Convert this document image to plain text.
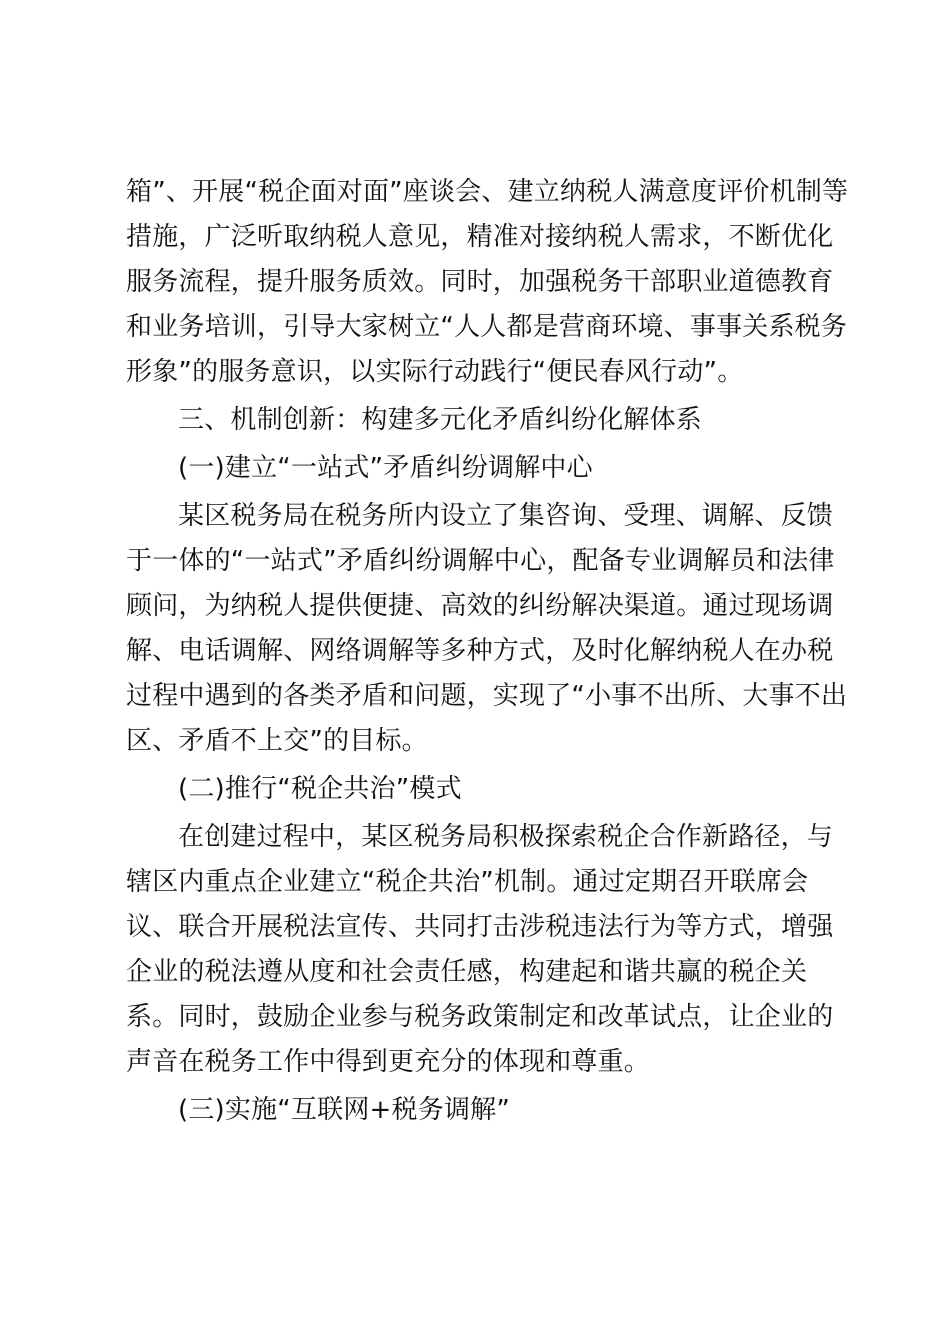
箱”、开展“税企面对面”座谈会、建立纳税人满意度评价机制等
措施，广泛听取纳税人意见，精准对接纳税人需求，不断优化
服务流程，提升服务质效。同时，加强税务干部职业道德教育
和业务培训，引导大家树立“人人都是营商环境、事事关系税务
形象”的服务意识，以实际行动践行“便民春风行动”。
三、机制创新：构建多元化矛盾纠纷化解体系
(一)建立“一站式”矛盾纠纷调解中心
某区税务局在税务所内设立了集咨询、受理、调解、反馈
于一体的“一站式”矛盾纠纷调解中心，配备专业调解员和法律
顾问，为纳税人提供便捷、高效的纠纷解决渠道。通过现场调
解、电话调解、网络调解等多种方式，及时化解纳税人在办税
过程中遇到的各类矛盾和问题，实现了“小事不出所、大事不出
区、矛盾不上交”的目标。
(二)推行“税企共治”模式
在创建过程中，某区税务局积极探索税企合作新路径，与
辖区内重点企业建立“税企共治”机制。通过定期召开联席会
议、联合开展税法宣传、共同打击涉税违法行为等方式，增强
企业的税法遵从度和社会责任感，构建起和谐共赢的税企关
系。同时，鼓励企业参与税务政策制定和改革试点，让企业的
声音在税务工作中得到更充分的体现和尊重。
(三)实施“互联网+税务调解”
